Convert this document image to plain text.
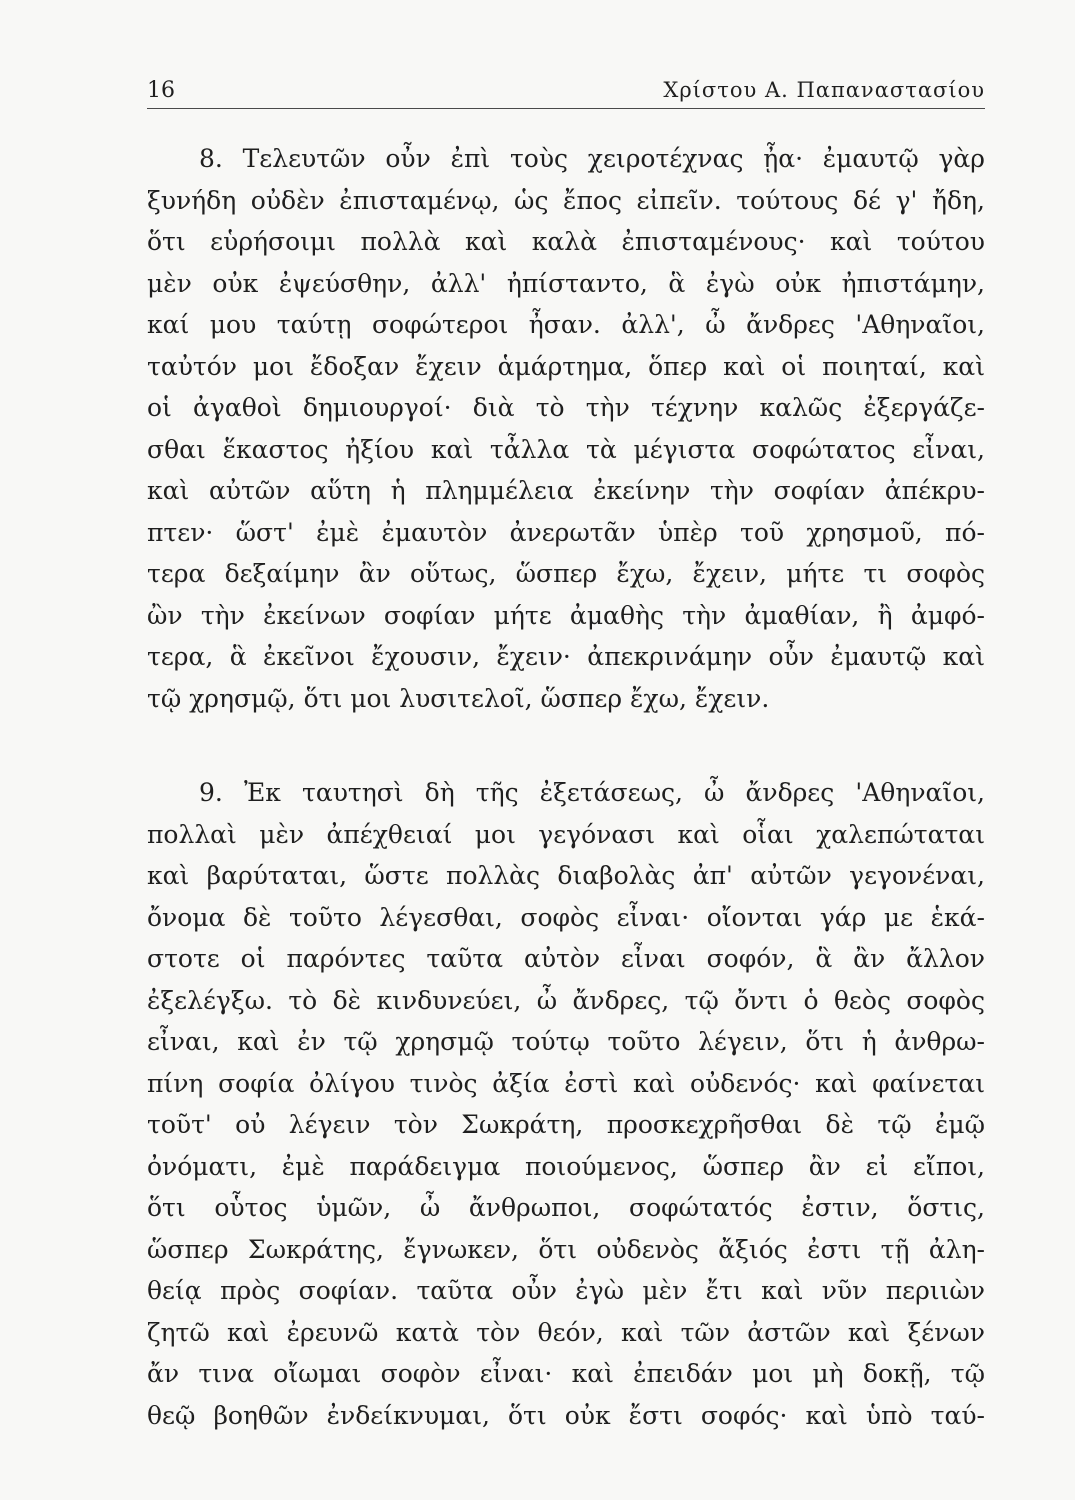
16	Χρίστου Α. Παπαναστασίου
8. Τελευτῶν οὖν ἐπὶ τοὺς χειροτέχνας ᾖα· ἐμαυτῷ γὰρ
ξυνήδη οὐδὲν ἐπισταμένῳ, ὡς ἔπος εἰπεῖν. τούτους δέ γ' ἤδη,
ὅτι εὑρήσοιμι πολλὰ καὶ καλὰ ἐπισταμένους· καὶ τούτου
μὲν οὐκ ἐψεύσθην, ἀλλ' ἠπίσταντο, ἃ ἐγὼ οὐκ ἠπιστάμην,
καί μου ταύτῃ σοφώτεροι ἦσαν. ἀλλ', ὦ ἄνδρες 'Αθηναῖοι,
ταὐτόν μοι ἔδοξαν ἔχειν ἁμάρτημα, ὅπερ καὶ οἱ ποιηταί, καὶ
οἱ ἀγαθοὶ δημιουργοί· διὰ τὸ τὴν τέχνην καλῶς ἐξεργάζε-
σθαι ἕκαστος ἠξίου καὶ τἆλλα τὰ μέγιστα σοφώτατος εἶναι,
καὶ αὐτῶν αὕτη ἡ πλημμέλεια ἐκείνην τὴν σοφίαν ἀπέκρυ-
πτεν· ὥστ' ἐμὲ ἐμαυτὸν ἀνερωτᾶν ὑπὲρ τοῦ χρησμοῦ, πό-
τερα δεξαίμην ἂν οὕτως, ὥσπερ ἔχω, ἔχειν, μήτε τι σοφὸς
ὢν τὴν ἐκείνων σοφίαν μήτε ἀμαθὴς τὴν ἀμαθίαν, ἢ ἀμφό-
τερα, ἃ ἐκεῖνοι ἔχουσιν, ἔχειν· ἀπεκρινάμην οὖν ἐμαυτῷ καὶ
τῷ χρησμῷ, ὅτι μοι λυσιτελοῖ, ὥσπερ ἔχω, ἔχειν.
9. Ἐκ ταυτησὶ δὴ τῆς ἐξετάσεως, ὦ ἄνδρες 'Αθηναῖοι,
πολλαὶ μὲν ἀπέχθειαί μοι γεγόνασι καὶ οἷαι χαλεπώταται
καὶ βαρύταται, ὥστε πολλὰς διαβολὰς ἀπ' αὐτῶν γεγονέναι,
ὄνομα δὲ τοῦτο λέγεσθαι, σοφὸς εἶναι· οἴονται γάρ με ἑκά-
στοτε οἱ παρόντες ταῦτα αὐτὸν εἶναι σοφόν, ἃ ἂν ἄλλον
ἐξελέγξω. τὸ δὲ κινδυνεύει, ὦ ἄνδρες, τῷ ὄντι ὁ θεὸς σοφὸς
εἶναι, καὶ ἐν τῷ χρησμῷ τούτῳ τοῦτο λέγειν, ὅτι ἡ ἀνθρω-
πίνη σοφία ὀλίγου τινὸς ἀξία ἐστὶ καὶ οὐδενός· καὶ φαίνεται
τοῦτ' οὐ λέγειν τὸν Σωκράτη, προσκεχρῆσθαι δὲ τῷ ἐμῷ
ὀνόματι, ἐμὲ παράδειγμα ποιούμενος, ὥσπερ ἂν εἰ εἴποι,
ὅτι οὗτος ὑμῶν, ὦ ἄνθρωποι, σοφώτατός ἐστιν, ὅστις,
ὥσπερ Σωκράτης, ἔγνωκεν, ὅτι οὐδενὸς ἄξιός ἐστι τῇ ἀλη-
θείᾳ πρὸς σοφίαν. ταῦτα οὖν ἐγὼ μὲν ἔτι καὶ νῦν περιιὼν
ζητῶ καὶ ἐρευνῶ κατὰ τὸν θεόν, καὶ τῶν ἀστῶν καὶ ξένων
ἄν τινα οἴωμαι σοφὸν εἶναι· καὶ ἐπειδάν μοι μὴ δοκῇ, τῷ
θεῷ βοηθῶν ἐνδείκνυμαι, ὅτι οὐκ ἔστι σοφός· καὶ ὑπὸ ταύ-
